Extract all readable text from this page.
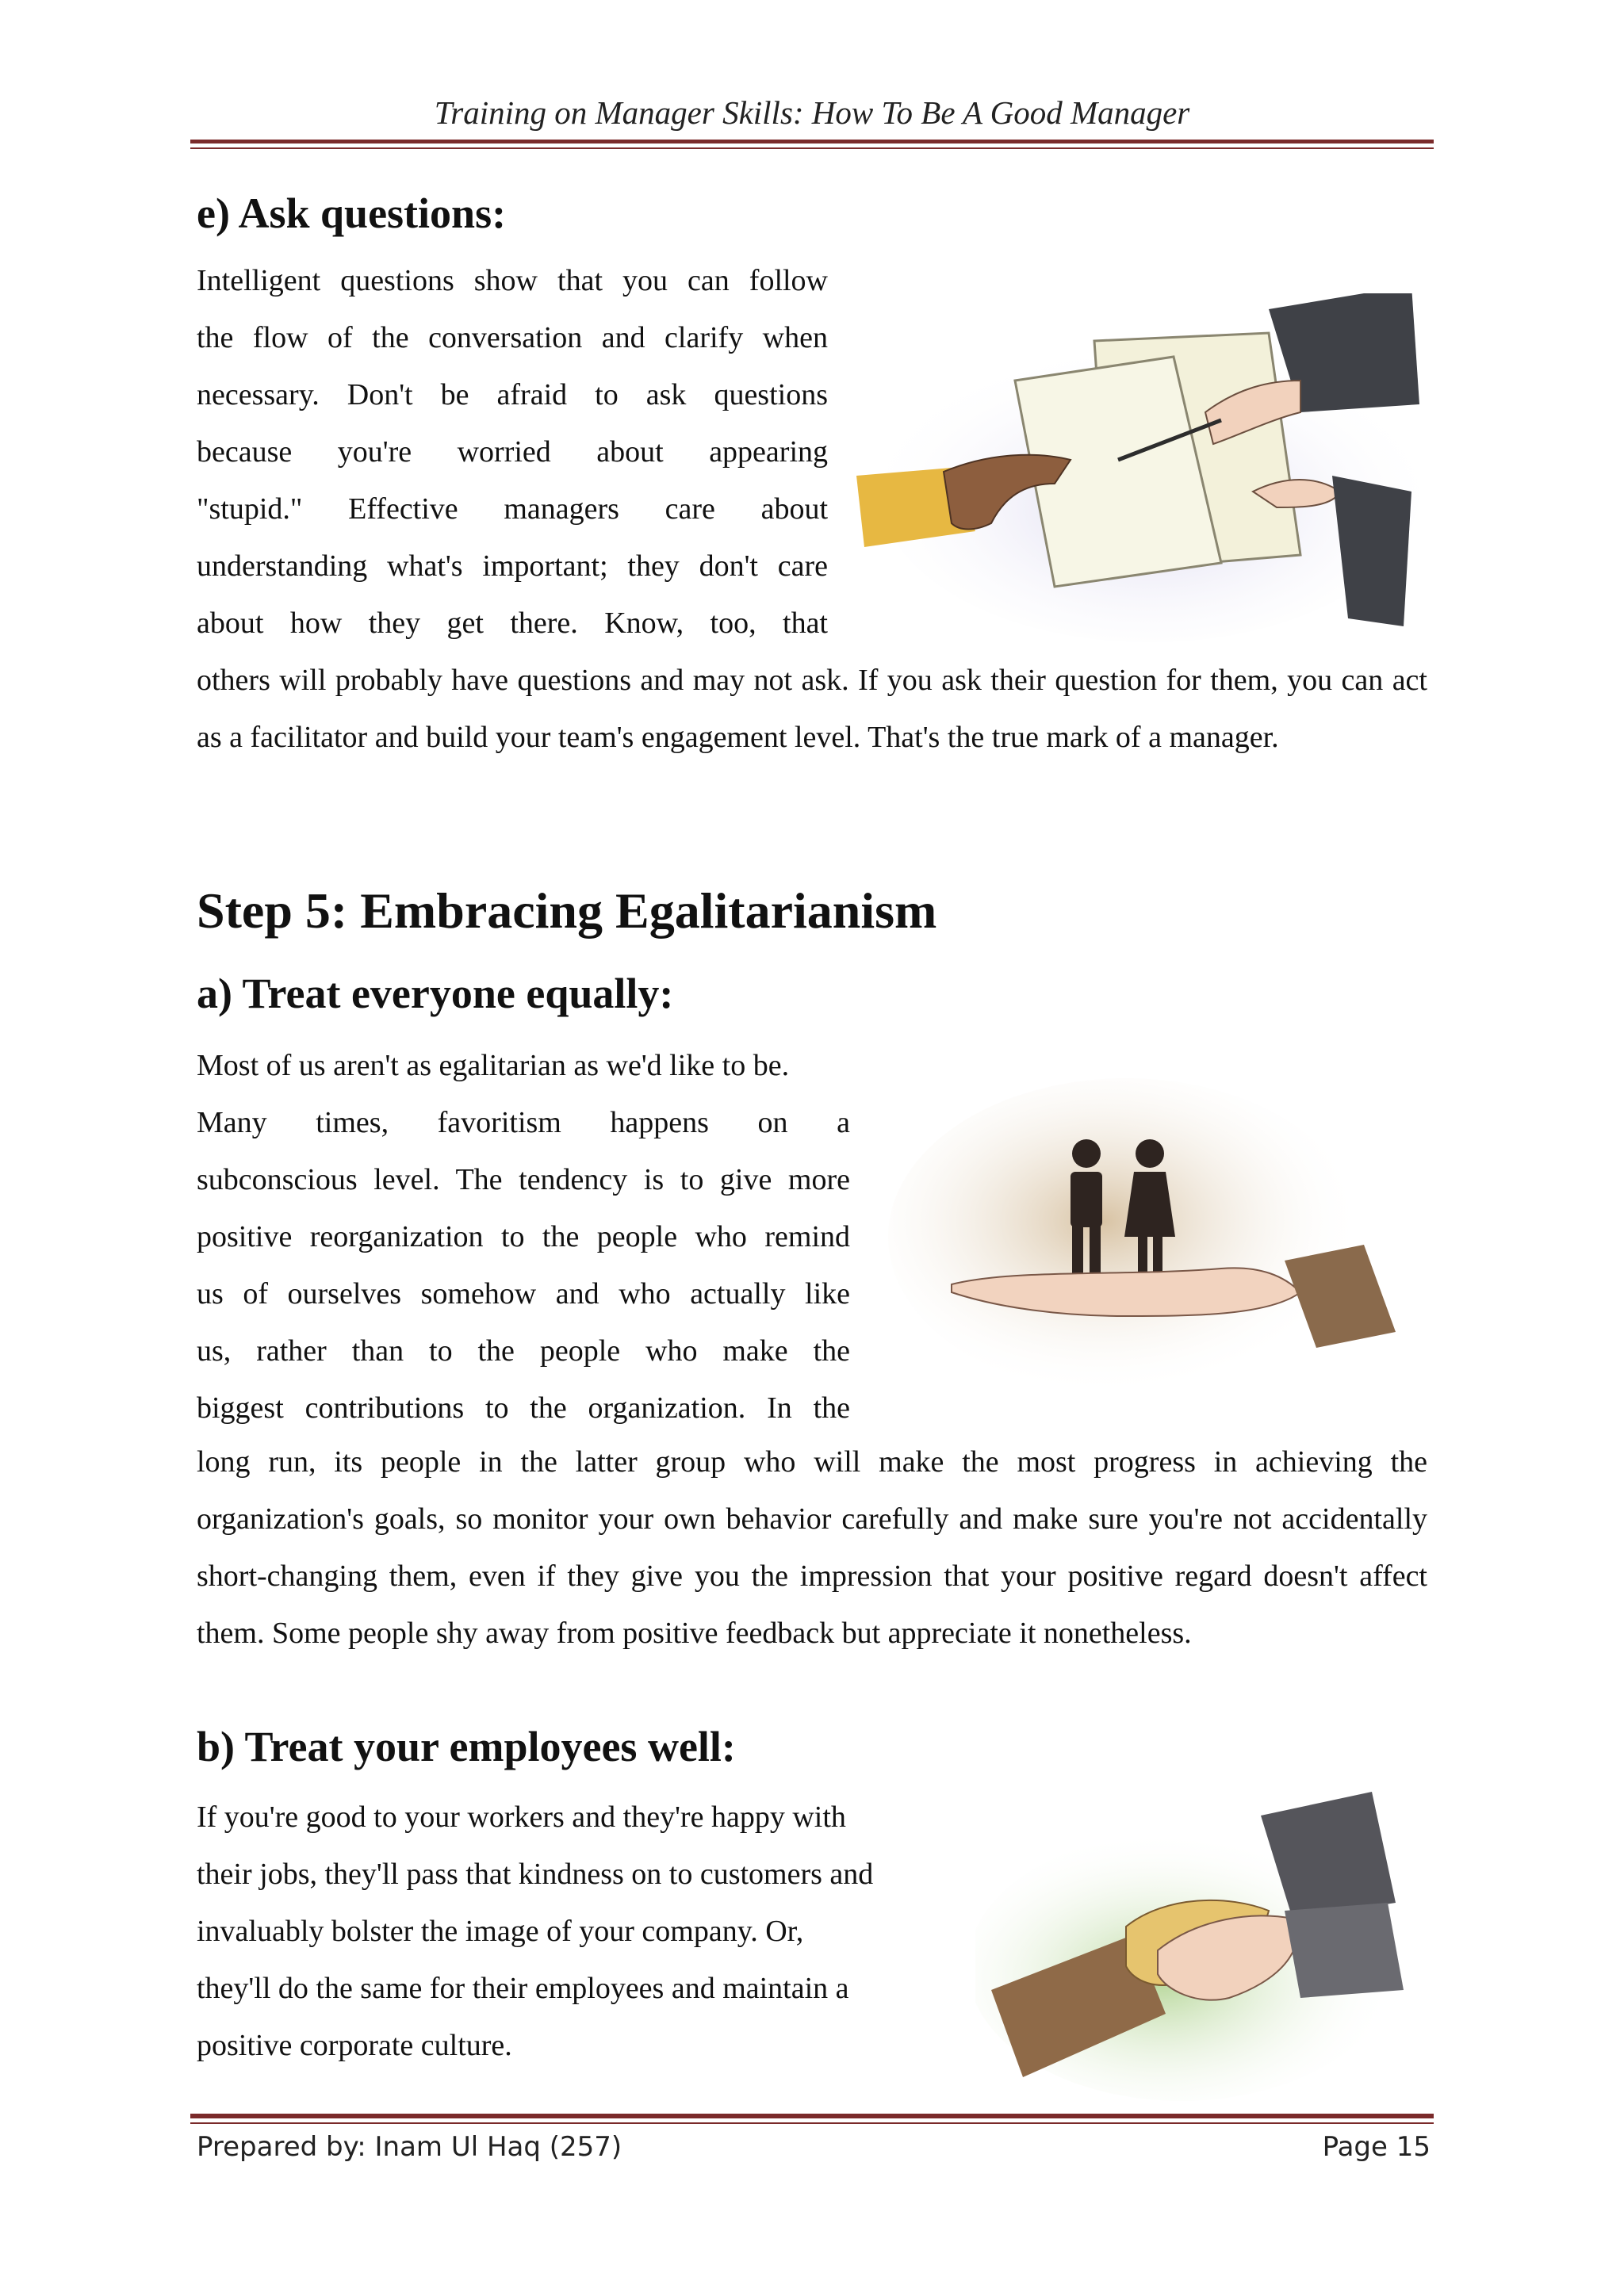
Training on Manager Skills: How To Be A Good Manager
e) Ask questions:

Intelligent questions show that you can follow

the flow of the conversation and clarify when

necessary. Don't be afraid to ask questions

because you're worried about appearing

"stupid." Effective managers care about

understanding what's important; they don't care

about how they get there. Know, too, that

others will probably have questions and may not ask. If you ask their question for them, you can act as a facilitator and build your team's engagement level. That's the true mark of a manager.

Step 5: Embracing Egalitarianism
a) Treat everyone equally:

Most of us aren't as egalitarian as we'd like to be.

Many times, favoritism happens on a

subconscious level. The tendency is to give more

positive reorganization to the people who remind

us of ourselves somehow and who actually like

us, rather than to the people who make the

biggest contributions to the organization. In the

long run, its people in the latter group who will make the most progress in achieving the organization's goals, so monitor your own behavior carefully and make sure you're not accidentally short-changing them, even if they give you the impression that your positive regard doesn't affect them. Some people shy away from positive feedback but appreciate it nonetheless.

b) Treat your employees well:

If you're good to your workers and they're happy with

their jobs, they'll pass that kindness on to customers and

invaluably bolster the image of your company. Or,

they'll do the same for their employees and maintain a

positive corporate culture.

Prepared by: Inam Ul Haq (257)	Page 15
